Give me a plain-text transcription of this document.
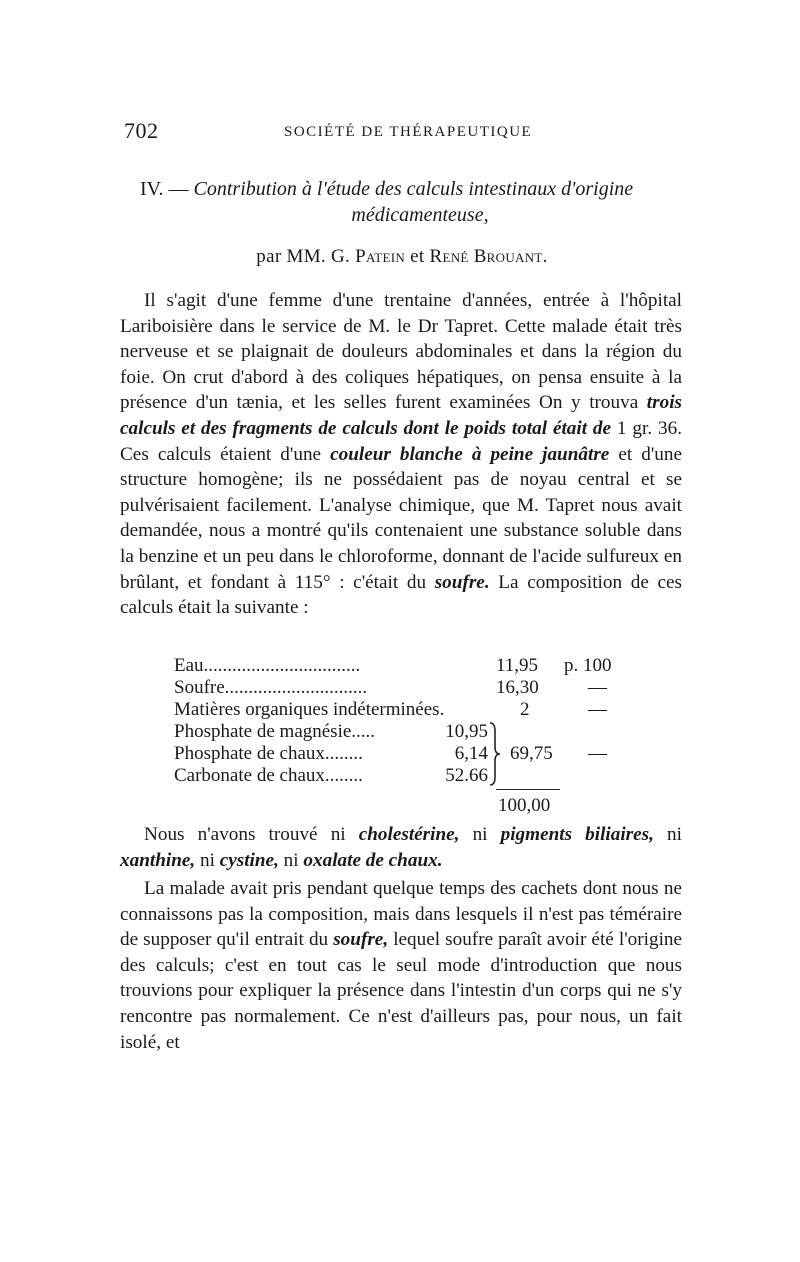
702	SOCIÉTÉ DE THÉRAPEUTIQUE
IV. — Contribution à l'étude des calculs intestinaux d'origine
médicamenteuse,
par MM. G. Patein et René Brouant.

Il s'agit d'une femme d'une trentaine d'années, entrée à l'hôpital Lariboisière dans le service de M. le Dr Tapret. Cette malade était très nerveuse et se plaignait de douleurs abdominales et dans la région du foie. On crut d'abord à des coliques hépatiques, on pensa ensuite à la présence d'un tænia, et les selles furent examinées On y trouva trois calculs et des fragments de calculs dont le poids total était de 1 gr. 36. Ces calculs étaient d'une couleur blanche à peine jaunâtre et d'une structure homogène; ils ne possédaient pas de noyau central et se pulvérisaient facilement. L'analyse chimique, que M. Tapret nous avait demandée, nous a montré qu'ils contenaient une substance soluble dans la benzine et un peu dans le chloroforme, donnant de l'acide sulfureux en brûlant, et fondant à 115° : c'était du soufre. La composition de ces calculs était la suivante :

Eau.................................	11,95 p. 100
Soufre..............................	16,30	—
Matières organiques indéterminées.	2	—
Phosphate de magnésie.....	10,95
Phosphate de chaux........	6,14
Carbonate de chaux........	52.66
69,75 —
100,00

Nous n'avons trouvé ni cholestérine, ni pigments biliaires, ni xanthine, ni cystine, ni oxalate de chaux.

La malade avait pris pendant quelque temps des cachets dont nous ne connaissons pas la composition, mais dans lesquels il n'est pas téméraire de supposer qu'il entrait du soufre, lequel soufre paraît avoir été l'origine des calculs; c'est en tout cas le seul mode d'introduction que nous trouvions pour expliquer la présence dans l'intestin d'un corps qui ne s'y rencontre pas normalement. Ce n'est d'ailleurs pas, pour nous, un fait isolé, et
